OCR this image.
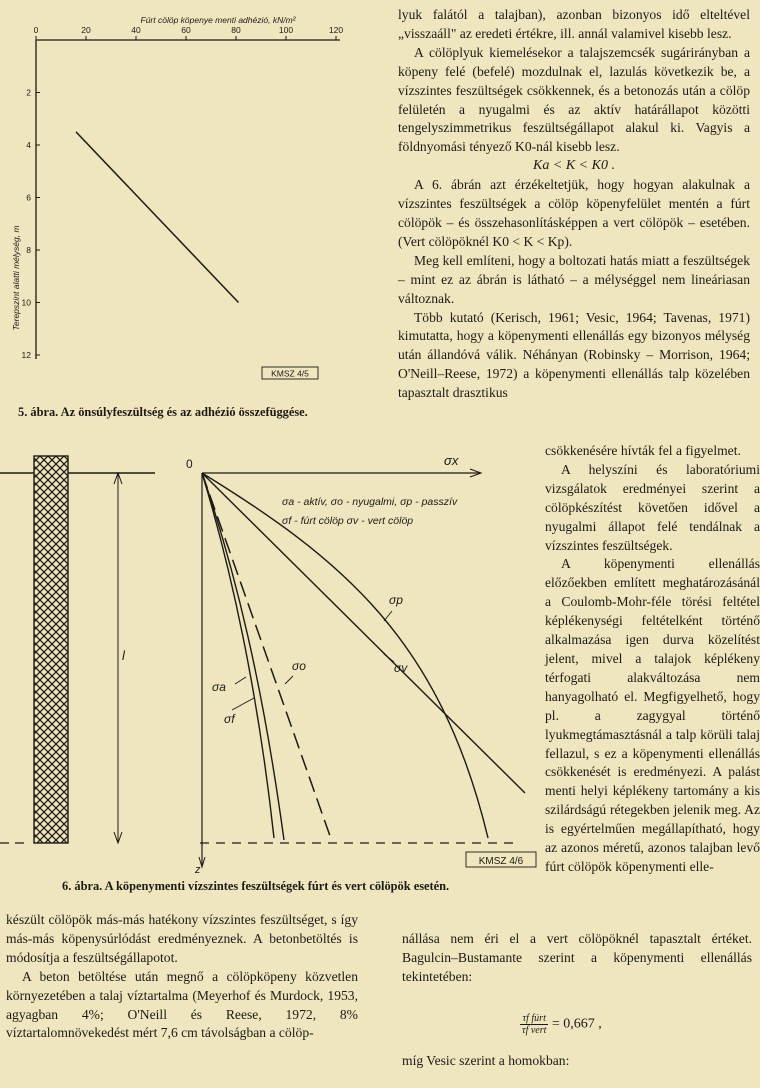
Fúrt cölöp köpenye menti adhézió, kN/m²
0	20	40	60	80	100	120
2
4
6
8
10
12
Terepszint alatti mélység, m
KMSZ 4/5
5. ábra. Az önsúlyfeszültség és az adhézió összefüggése.
l
σx
0
z
σp
σv
σo
σa
σf
σa - aktív, σo - nyugalmi, σp - passzív
σf - fúrt cölöp σv - vert cölöp
KMSZ 4/6
6. ábra. A köpenymenti vízszintes feszültségek fúrt és vert cölöpök esetén.

lyuk falától a talajban), azonban bizonyos idő elteltével „visszaáll" az eredeti értékre, ill. annál valamivel kisebb lesz.

A cölöplyuk kiemelésekor a talajszemcsék sugárirányban a köpeny felé (befelé) mozdulnak el, lazulás következik be, a vízszintes feszültségek csökkennek, és a betonozás után a cölöp felületén a nyugalmi és az aktív határállapot közötti tengelyszimmetrikus feszültségállapot alakul ki. Vagyis a földnyomási tényező K0-nál kisebb lesz.

Ka < K < K0 .

A 6. ábrán azt érzékeltetjük, hogy hogyan alakulnak a vízszintes feszültségek a cölöp köpenyfelület mentén a fúrt cölöpök – és összehasonlításképpen a vert cölöpök – esetében. (Vert cölöpöknél K0 < K < Kp).

Meg kell említeni, hogy a boltozati hatás miatt a feszültségek – mint ez az ábrán is látható – a mélységgel nem lineáriasan változnak.

Több kutató (Kerisch, 1961; Vesic, 1964; Tavenas, 1971) kimutatta, hogy a köpenymenti ellenállás egy bizonyos mélység után állandóvá válik. Néhányan (Robinsky – Morrison, 1964; O'Neill–Reese, 1972) a köpenymenti ellenállás talp közelében tapasztalt drasztikus

csökkenésére hívták fel a figyelmet.

A helyszíni és laboratóriumi vizsgálatok eredményei szerint a cölöpkészítést követően idővel a nyugalmi állapot felé tendálnak a vízszintes feszültségek.

A köpenymenti ellenállás előzőekben említett meghatározásánál a Coulomb-Mohr-féle törési feltétel képlékenységi feltételként történő alkalmazása igen durva közelítést jelent, mivel a talajok képlékeny térfogati alakváltozása nem hanyagolható el. Megfigyelhető, hogy pl. a zagygyal történő lyukmegtámasztásnál a talp körüli talaj fellazul, s ez a köpenymenti ellenállás csökkenését is eredményezi. A palást menti helyi képlékeny tartomány a kis szilárdságú rétegekben jelenik meg. Az is egyértelműen megállapítható, hogy az azonos méretű, azonos talajban levő fúrt cölöpök köpenymenti elle-

nállása nem éri el a vert cölöpöknél tapasztalt értéket. Bagulcin–Bustamante szerint a köpenymenti ellenállás tekintetében:

$\frac{\text{τf fúrt}}{\text{τf vert}} = 0,667$ ,

míg Vesic szerint a homokban:

készült cölöpök más-más hatékony vízszintes feszültséget, s így más-más köpenysúrlódást eredményeznek. A betonbetöltés is módosítja a feszültségállapotot.

A beton betöltése után megnő a cölöpköpeny közvetlen környezetében a talaj víztartalma (Meyerhof és Murdock, 1953, agyagban 4%; O'Neill és Reese, 1972, 8% víztartalomnövekedést mért 7,6 cm távolságban a cölöp-
